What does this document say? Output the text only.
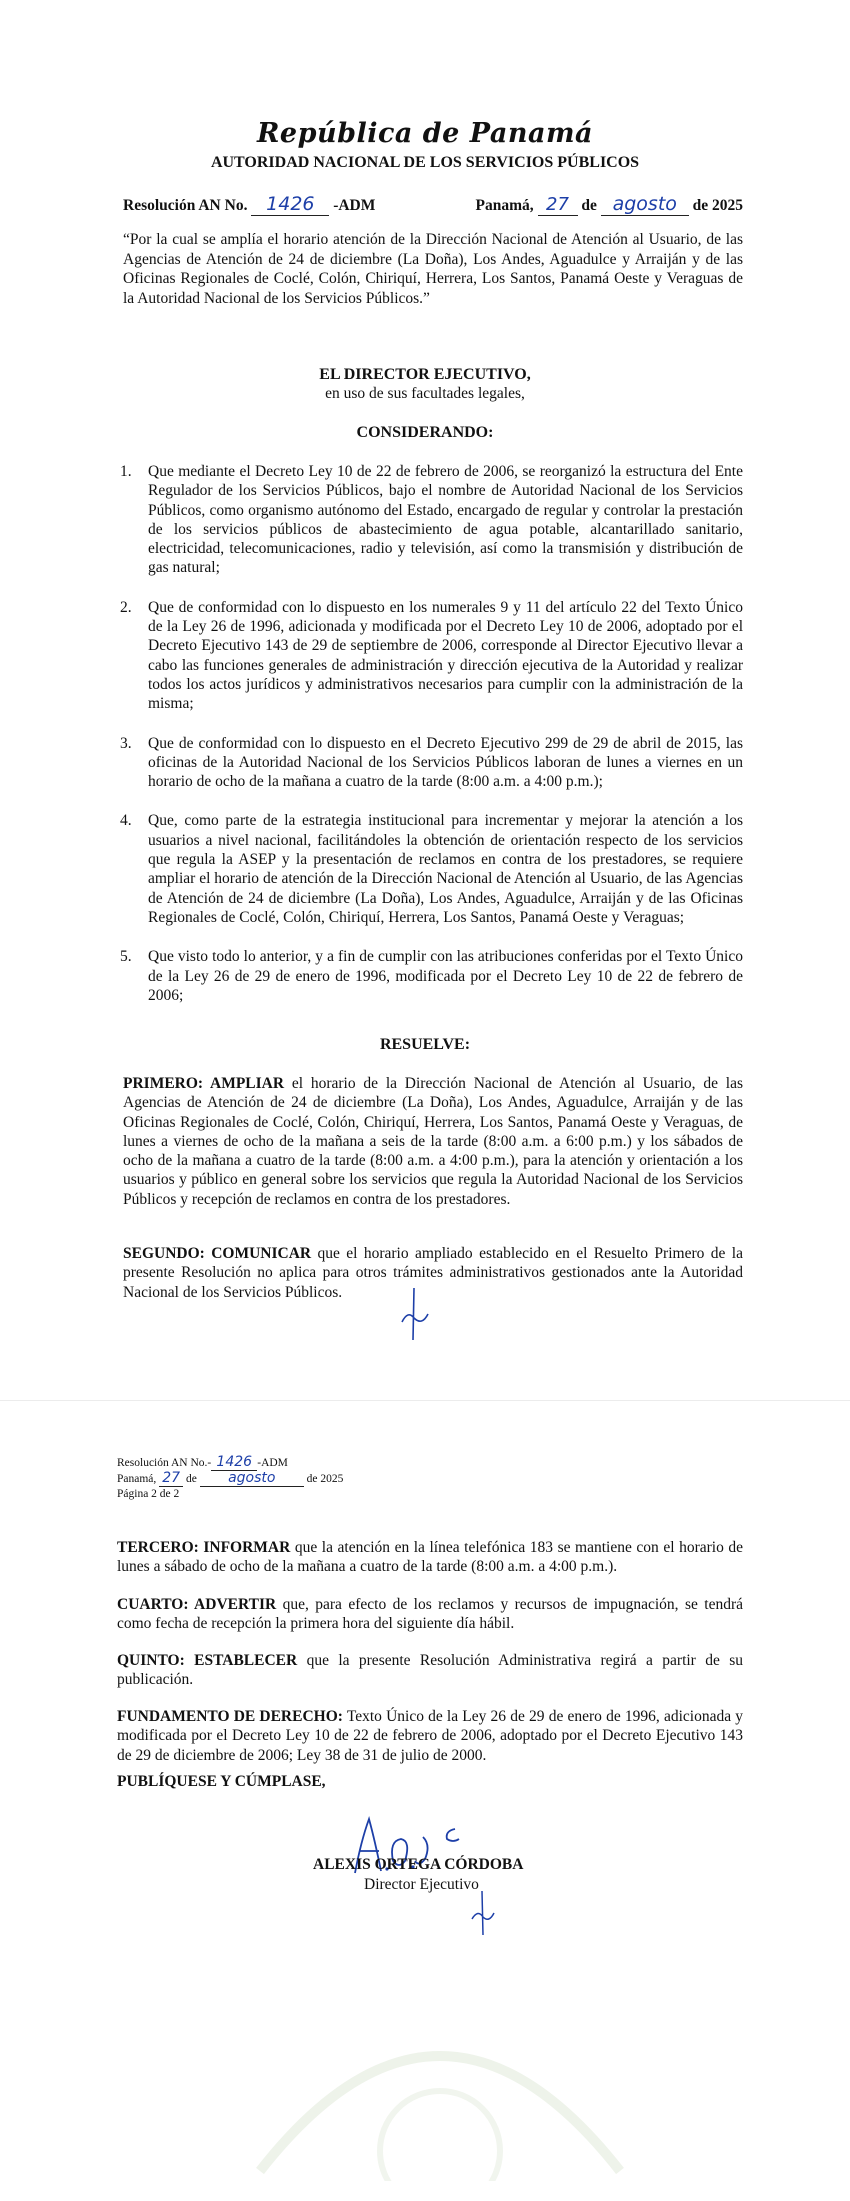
República de Panamá
AUTORIDAD NACIONAL DE LOS SERVICIOS PÚBLICOS
Resolución AN No. 1426 -ADM	Panamá, 27 de agosto de 2025
“Por la cual se amplía el horario atención de la Dirección Nacional de Atención al Usuario, de las Agencias de Atención de 24 de diciembre (La Doña), Los Andes, Aguadulce y Arraiján y de las Oficinas Regionales de Coclé, Colón, Chiriquí, Herrera, Los Santos, Panamá Oeste y Veraguas de la Autoridad Nacional de los Servicios Públicos.”
EL DIRECTOR EJECUTIVO,
en uso de sus facultades legales,
CONSIDERANDO:
1. Que mediante el Decreto Ley 10 de 22 de febrero de 2006, se reorganizó la estructura del Ente Regulador de los Servicios Públicos, bajo el nombre de Autoridad Nacional de los Servicios Públicos, como organismo autónomo del Estado, encargado de regular y controlar la prestación de los servicios públicos de abastecimiento de agua potable, alcantarillado sanitario, electricidad, telecomunicaciones, radio y televisión, así como la transmisión y distribución de gas natural;
2. Que de conformidad con lo dispuesto en los numerales 9 y 11 del artículo 22 del Texto Único de la Ley 26 de 1996, adicionada y modificada por el Decreto Ley 10 de 2006, adoptado por el Decreto Ejecutivo 143 de 29 de septiembre de 2006, corresponde al Director Ejecutivo llevar a cabo las funciones generales de administración y dirección ejecutiva de la Autoridad y realizar todos los actos jurídicos y administrativos necesarios para cumplir con la administración de la misma;
3. Que de conformidad con lo dispuesto en el Decreto Ejecutivo 299 de 29 de abril de 2015, las oficinas de la Autoridad Nacional de los Servicios Públicos laboran de lunes a viernes en un horario de ocho de la mañana a cuatro de la tarde (8:00 a.m. a 4:00 p.m.);
4. Que, como parte de la estrategia institucional para incrementar y mejorar la atención a los usuarios a nivel nacional, facilitándoles la obtención de orientación respecto de los servicios que regula la ASEP y la presentación de reclamos en contra de los prestadores, se requiere ampliar el horario de atención de la Dirección Nacional de Atención al Usuario, de las Agencias de Atención de 24 de diciembre (La Doña), Los Andes, Aguadulce, Arraiján y de las Oficinas Regionales de Coclé, Colón, Chiriquí, Herrera, Los Santos, Panamá Oeste y Veraguas;
5. Que visto todo lo anterior, y a fin de cumplir con las atribuciones conferidas por el Texto Único de la Ley 26 de 29 de enero de 1996, modificada por el Decreto Ley 10 de 22 de febrero de 2006;
RESUELVE:

PRIMERO: AMPLIAR el horario de la Dirección Nacional de Atención al Usuario, de las Agencias de Atención de 24 de diciembre (La Doña), Los Andes, Aguadulce, Arraiján y de las Oficinas Regionales de Coclé, Colón, Chiriquí, Herrera, Los Santos, Panamá Oeste y Veraguas, de lunes a viernes de ocho de la mañana a seis de la tarde (8:00 a.m. a 6:00 p.m.) y los sábados de ocho de la mañana a cuatro de la tarde (8:00 a.m. a 4:00 p.m.), para la atención y orientación a los usuarios y público en general sobre los servicios que regula la Autoridad Nacional de los Servicios Públicos y recepción de reclamos en contra de los prestadores.

SEGUNDO: COMUNICAR que el horario ampliado establecido en el Resuelto Primero de la presente Resolución no aplica para otros trámites administrativos gestionados ante la Autoridad Nacional de los Servicios Públicos.

Resolución AN No.- 1426 -ADM
Panamá, 27 de agosto	de 2025
Página 2 de 2

TERCERO: INFORMAR que la atención en la línea telefónica 183 se mantiene con el horario de lunes a sábado de ocho de la mañana a cuatro de la tarde (8:00 a.m. a 4:00 p.m.).

CUARTO: ADVERTIR que, para efecto de los reclamos y recursos de impugnación, se tendrá como fecha de recepción la primera hora del siguiente día hábil.

QUINTO: ESTABLECER que la presente Resolución Administrativa regirá a partir de su publicación.

FUNDAMENTO DE DERECHO: Texto Único de la Ley 26 de 29 de enero de 1996, adicionada y modificada por el Decreto Ley 10 de 22 de febrero de 2006, adoptado por el Decreto Ejecutivo 143 de 29 de diciembre de 2006; Ley 38 de 31 de julio de 2000.

PUBLÍQUESE Y CÚMPLASE,
ALEXIS ORTEGA CÓRDOBA
Director Ejecutivo
